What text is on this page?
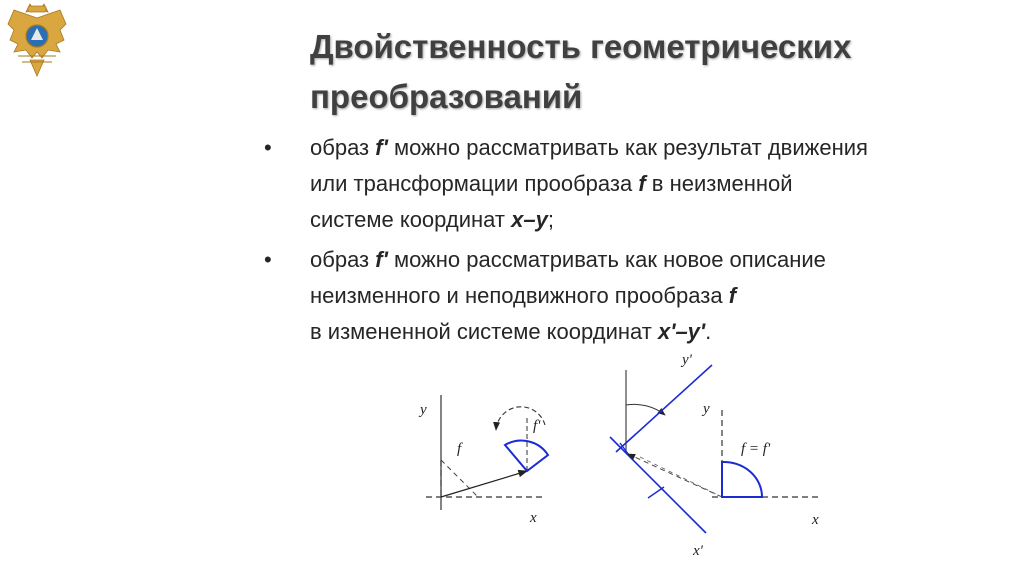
Двойственность геометрических преобразований
• образ f' можно рассматривать как результат движения
или трансформации прообраза f в неизменной
системе координат x–y;
• образ f' можно рассматривать как новое описание
неизменного и неподвижного прообраза f
в измененной системе координат x'–y'.
y
x
f
f'
y
x
y'
x'
f = f'
